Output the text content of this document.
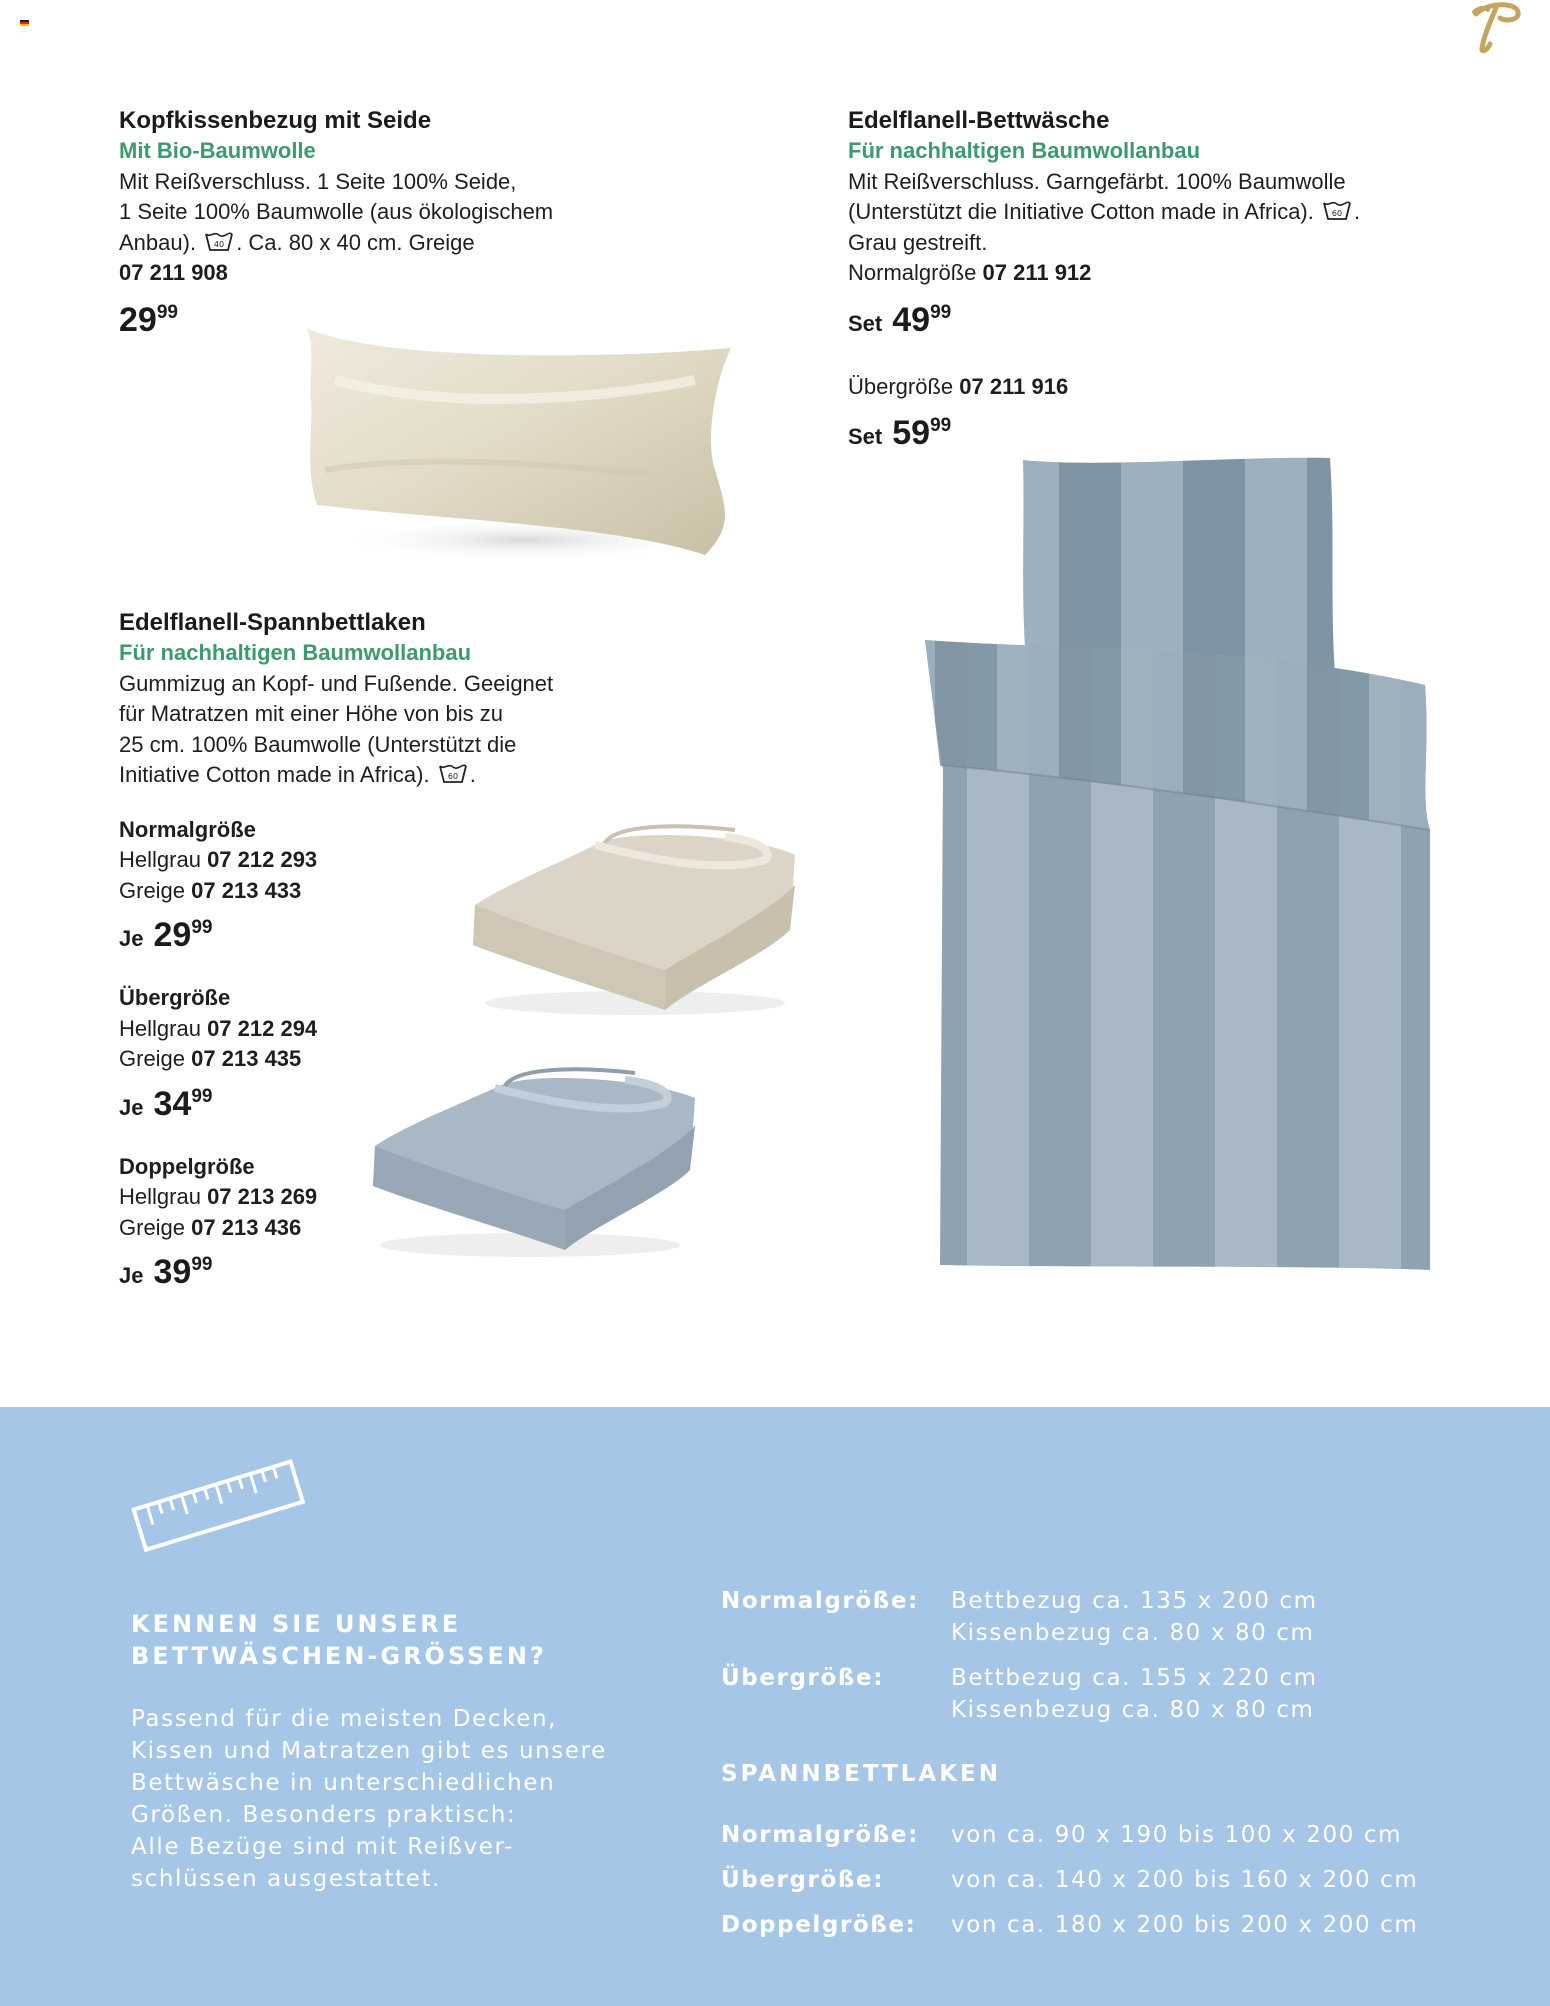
Kopfkissenbezug mit Seide
Mit Bio-Baumwolle
Mit Reißverschluss. 1 Seite 100% Seide,
1 Seite 100% Baumwolle (aus ökologischem
Anbau). 40 . Ca. 80 x 40 cm. Greige
07 211 908
$29^{99}$
Edelflanell-Bettwäsche
Für nachhaltigen Baumwollanbau
Mit Reißverschluss. Garngefärbt. 100% Baumwolle
(Unterstützt die Initiative Cotton made in Africa). 60 .
Grau gestreift.
Normalgröße 07 211 912
Set $49^{99}$
Übergröße 07 211 916
Set $59^{99}$
Edelflanell-Spannbettlaken
Für nachhaltigen Baumwollanbau
Gummizug an Kopf- und Fußende. Geeignet
für Matratzen mit einer Höhe von bis zu
25 cm. 100% Baumwolle (Unterstützt die
Initiative Cotton made in Africa). 60 .
Normalgröße
Hellgrau 07 212 293
Greige 07 213 433
Je $29^{99}$
Übergröße
Hellgrau 07 212 294
Greige 07 213 435
Je $34^{99}$
Doppelgröße
Hellgrau 07 213 269
Greige 07 213 436
Je $39^{99}$
KENNEN SIE UNSERE
BETTWÄSCHEN-GRÖSSEN?
Passend für die meisten Decken,
Kissen und Matratzen gibt es unsere
Bettwäsche in unterschiedlichen
Größen. Besonders praktisch:
Alle Bezüge sind mit Reißver-
schlüssen ausgestattet.
Normalgröße:	Bettbezug ca. 135 x 200 cm
Kissenbezug ca. 80 x 80 cm
Übergröße:	Bettbezug ca. 155 x 220 cm
Kissenbezug ca. 80 x 80 cm
SPANNBETTLAKEN
Normalgröße:	von ca. 90 x 190 bis 100 x 200 cm
Übergröße:	von ca. 140 x 200 bis 160 x 200 cm
Doppelgröße:	von ca. 180 x 200 bis 200 x 200 cm
